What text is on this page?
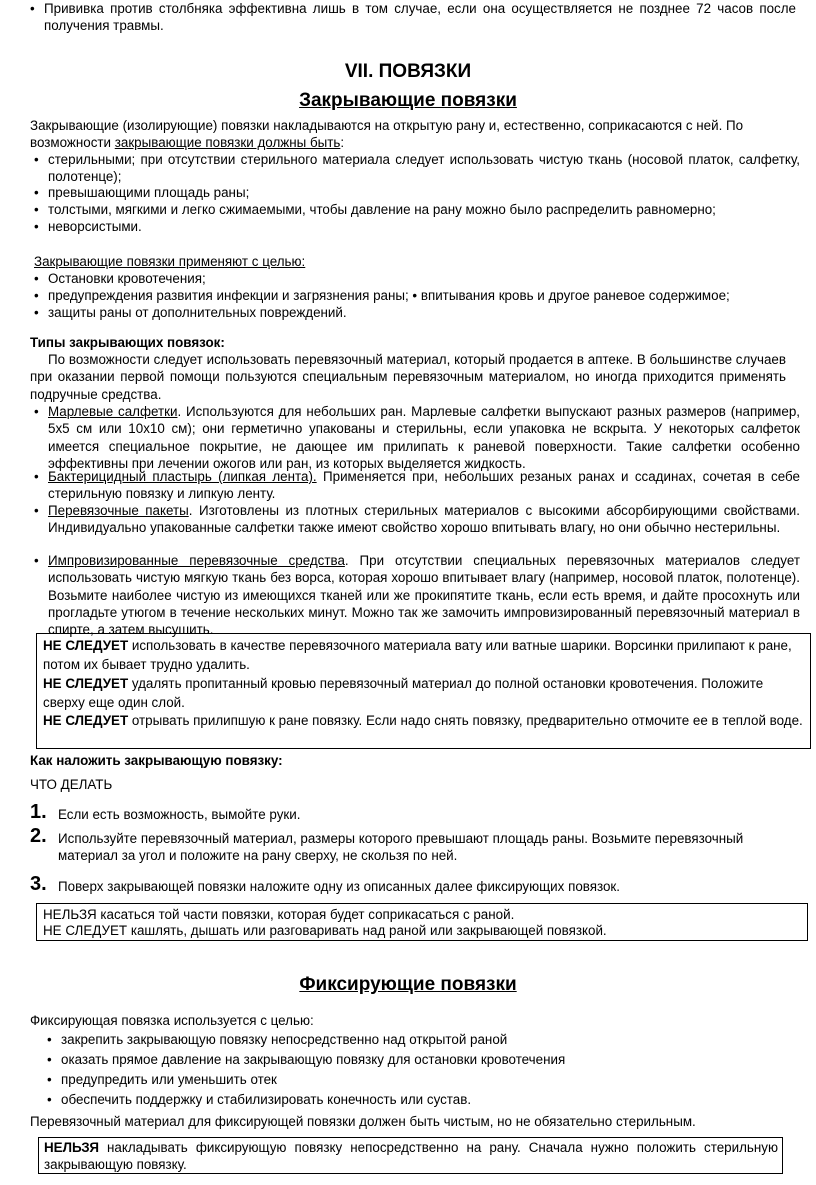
• Прививка против столбняка эффективна лишь в том случае, если она осуществляется не позднее 72 часов после получения травмы.
VII. ПОВЯЗКИ
Закрывающие повязки
Закрывающие (изолирующие) повязки накладываются на открытую рану и, естественно, соприкасаются с ней. По возможности закрывающие повязки должны быть:
• стерильными; при отсутствии стерильного материала следует использовать чистую ткань (носовой платок, салфетку, полотенце);
• превышающими площадь раны;
• толстыми, мягкими и легко сжимаемыми, чтобы давление на рану можно было распределить равномерно;
• неворсистыми.
Закрывающие повязки применяют с целью:
• Остановки кровотечения;
• предупреждения развития инфекции и загрязнения раны; • впитывания кровь и другое раневое содержимое;
• защиты раны от дополнительных повреждений.
Типы закрывающих повязок:
По возможности следует использовать перевязочный материал, который продается в аптеке. В большинстве случаев при оказании первой помощи пользуются специальным перевязочным материалом, но иногда приходится применять подручные средства.
• Марлевые салфетки. Используются для небольших ран. Марлевые салфетки выпускают разных размеров (например, 5x5 см или 10x10 см); они герметично упакованы и стерильны, если упаковка не вскрыта. У некоторых салфеток имеется специальное покрытие, не дающее им прилипать к раневой поверхности. Такие салфетки особенно эффективны при лечении ожогов или ран, из которых выделяется жидкость.
• Бактерицидный пластырь (липкая лента). Применяется при, небольших резаных ранах и ссадинах, сочетая в себе стерильную повязку и липкую ленту.
• Перевязочные пакеты. Изготовлены из плотных стерильных материалов с высокими абсорбирующими свойствами. Индивидуально упакованные салфетки также имеют свойство хорошо впитывать влагу, но они обычно нестерильны.
• Импровизированные перевязочные средства. При отсутствии специальных перевязочных материалов следует использовать чистую мягкую ткань без ворса, которая хорошо впитывает влагу (например, носовой платок, полотенце). Возьмите наиболее чистую из имеющихся тканей или же прокипятите ткань, если есть время, и дайте просохнуть или прогладьте утюгом в течение нескольких минут. Можно так же замочить импровизированный перевязочный материал в спирте, а затем высушить.
НЕ СЛЕДУЕТ использовать в качестве перевязочного материала вату или ватные шарики. Ворсинки прилипают к ране, потом их бывает трудно удалить.
НЕ СЛЕДУЕТ удалять пропитанный кровью перевязочный материал до полной остановки кровотечения. Положите сверху еще один слой.
НЕ СЛЕДУЕТ отрывать прилипшую к ране повязку. Если надо снять повязку, предварительно отмочите ее в теплой воде.
Как наложить закрывающую повязку:
ЧТО ДЕЛАТЬ
1. Если есть возможность, вымойте руки.
2. Используйте перевязочный материал, размеры которого превышают площадь раны. Возьмите перевязочный материал за угол и положите на рану сверху, не скользя по ней.
3. Поверх закрывающей повязки наложите одну из описанных далее фиксирующих повязок.
НЕЛЬЗЯ касаться той части повязки, которая будет соприкасаться с раной.
НЕ СЛЕДУЕТ кашлять, дышать или разговаривать над раной или закрывающей повязкой.
Фиксирующие повязки
Фиксирующая повязка используется с целью:
• закрепить закрывающую повязку непосредственно над открытой раной
• оказать прямое давление на закрывающую повязку для остановки кровотечения
• предупредить или уменьшить отек
• обеспечить поддержку и стабилизировать конечность или сустав.
Перевязочный материал для фиксирующей повязки должен быть чистым, но не обязательно стерильным.
НЕЛЬЗЯ накладывать фиксирующую повязку непосредственно на рану. Сначала нужно положить стерильную закрывающую повязку.
